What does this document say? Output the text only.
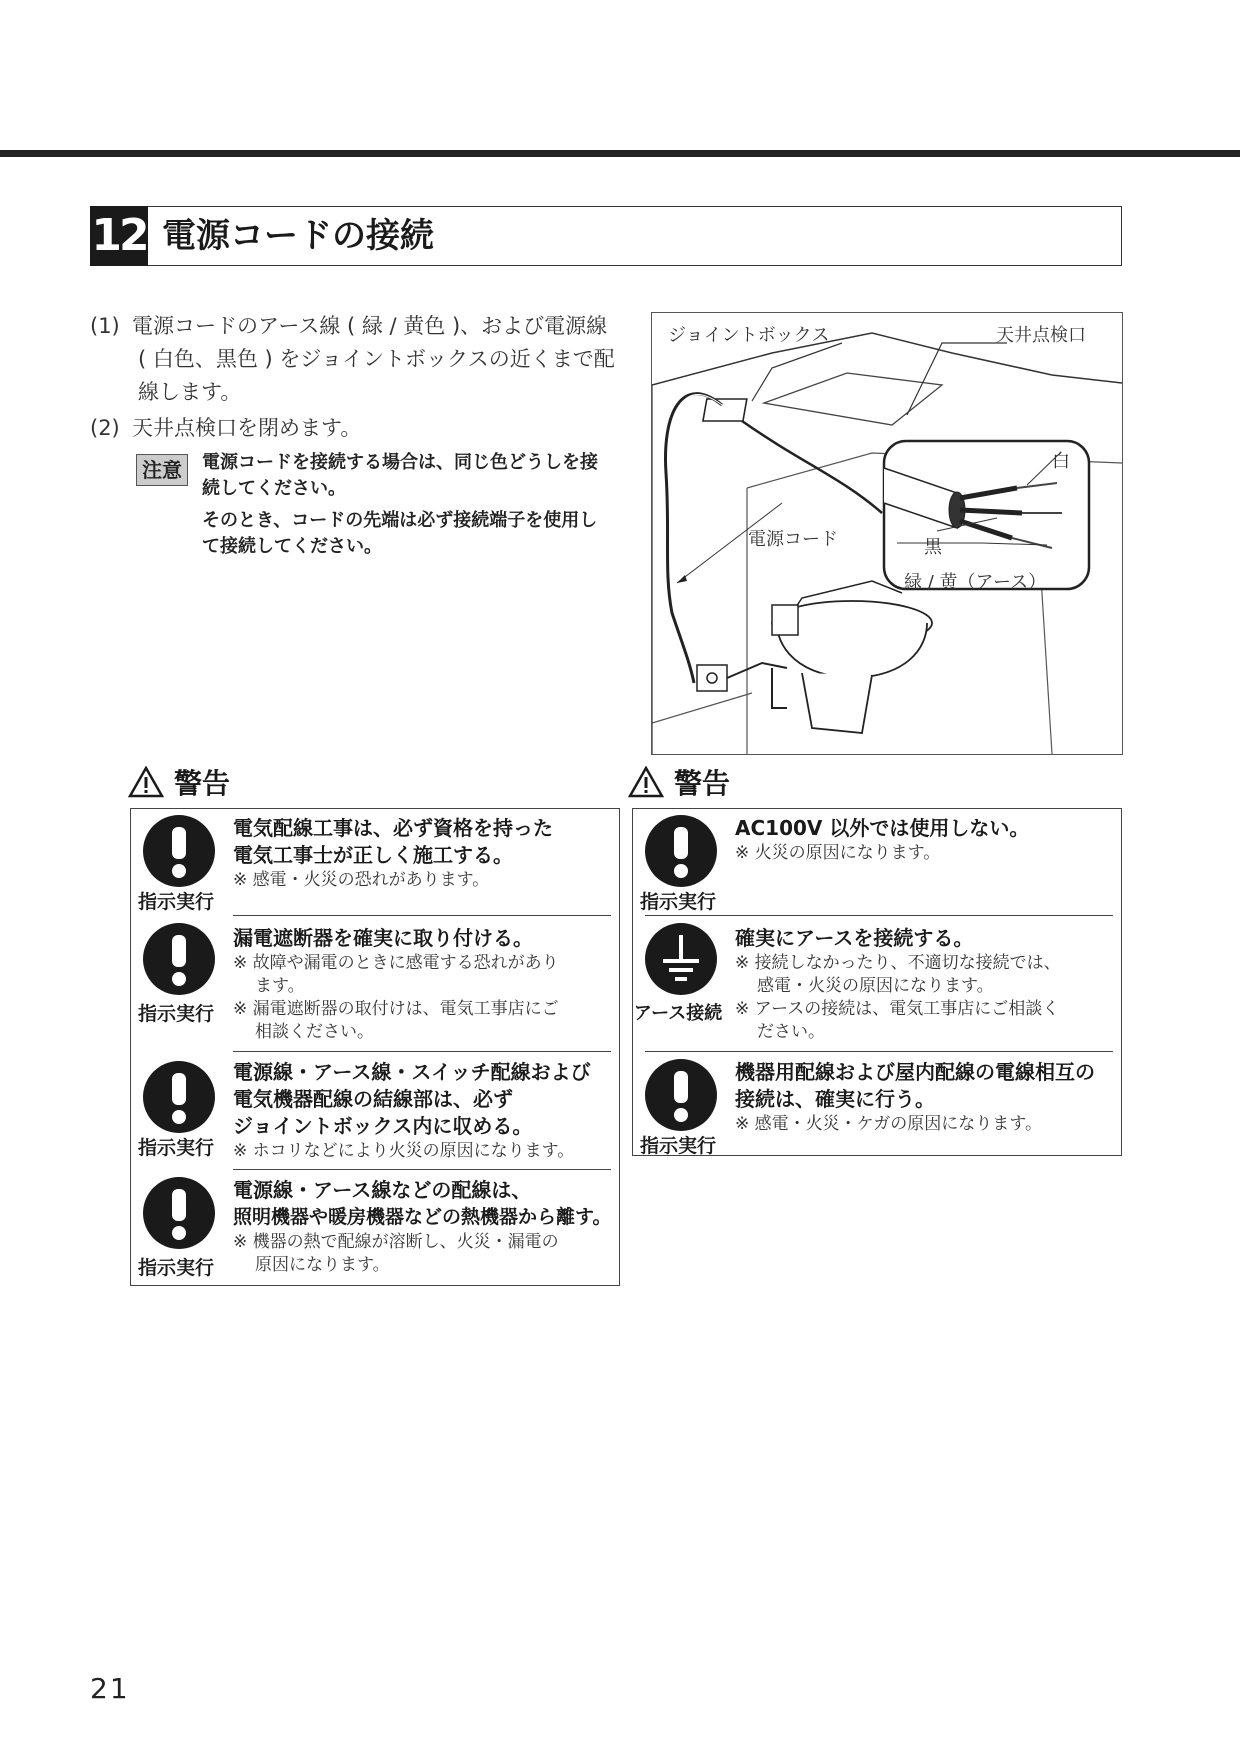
12 電源コードの接続
(1) 電源コードのアース線 ( 緑 / 黄色 )、および電源線
( 白色、黒色 ) をジョイントボックスの近くまで配
線します。
(2) 天井点検口を閉めます。
注意	電源コードを接続する場合は、同じ色どうしを接
続してください。
そのとき、コードの先端は必ず接続端子を使用し
て接続してください。
ジョイントボックス	天井点検口
電源コード
白
黒
緑 / 黄（アース）
警告	警告
指示実行
電気配線工事は、必ず資格を持った
電気工事士が正しく施工する。
※ 感電・火災の恐れがあります。
指示実行
漏電遮断器を確実に取り付ける。
※ 故障や漏電のときに感電する恐れがあり
ます。
※ 漏電遮断器の取付けは、電気工事店にご
相談ください。
指示実行
電源線・アース線・スイッチ配線および
電気機器配線の結線部は、必ず
ジョイントボックス内に収める。
※ ホコリなどにより火災の原因になります。
指示実行
電源線・アース線などの配線は、
照明機器や暖房機器などの熱機器から離す。
※ 機器の熱で配線が溶断し、火災・漏電の
原因になります。
指示実行
AC100V 以外では使用しない。
※ 火災の原因になります。
アース接続
確実にアースを接続する。
※ 接続しなかったり、不適切な接続では、
感電・火災の原因になります。
※ アースの接続は、電気工事店にご相談く
ださい。
指示実行
機器用配線および屋内配線の電線相互の
接続は、確実に行う。
※ 感電・火災・ケガの原因になります。
21
